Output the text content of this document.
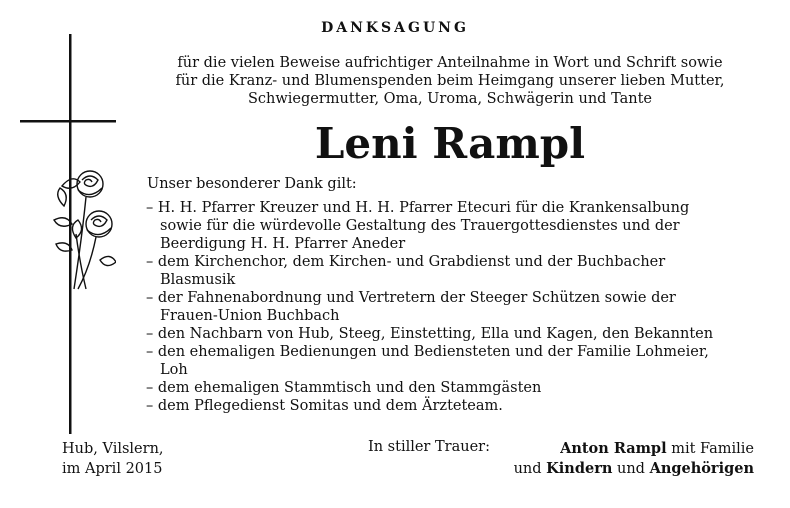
DANKSAGUNG
für die vielen Beweise aufrichtiger Anteilnahme in Wort und Schrift sowie
für die Kranz- und Blumenspenden beim Heimgang unserer lieben Mutter,
Schwiegermutter, Oma, Uroma, Schwägerin und Tante
Leni Rampl
Unser besonderer Dank gilt:
– H. H. Pfarrer Kreuzer und H. H. Pfarrer Etecuri für die Krankensalbung
sowie für die würdevolle Gestaltung des Trauergottesdienstes und der
Beerdigung H. H. Pfarrer Aneder
– dem Kirchenchor, dem Kirchen- und Grabdienst und der Buchbacher
Blasmusik
– der Fahnenabordnung und Vertretern der Steeger Schützen sowie der
Frauen-Union Buchbach
– den Nachbarn von Hub, Steeg, Einstetting, Ella und Kagen, den Bekannten
– den ehemaligen Bedienungen und Bediensteten und der Familie Lohmeier,
Loh
– dem ehemaligen Stammtisch und den Stammgästen
– dem Pflegedienst Somitas und dem Ärzteteam.
Hub, Vilslern,
im April 2015
In stiller Trauer:	Anton Rampl mit Familie
und Kindern und Angehörigen
